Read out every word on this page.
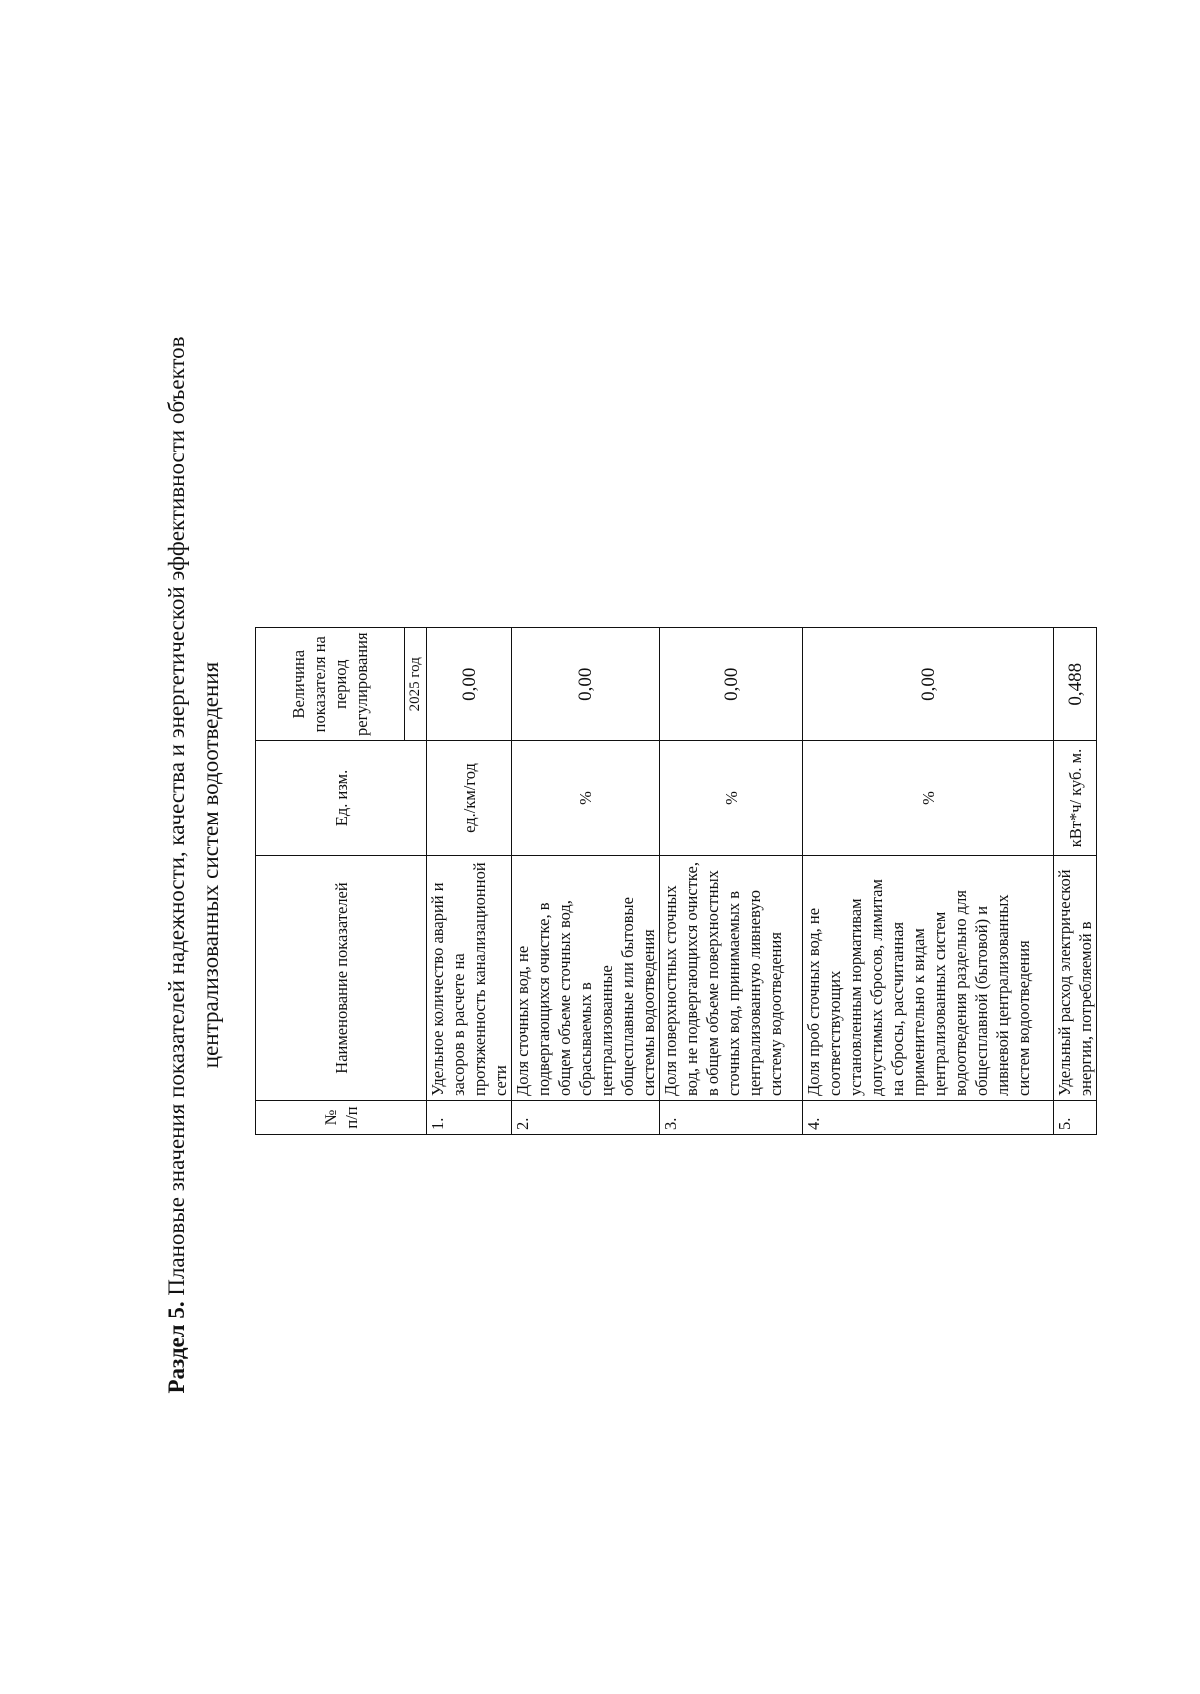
Раздел 5. Плановые значения показателей надежности, качества и энергетической эффективности объектов централизованных систем водоотведения
№ п/п	Наименование показателей	Ед. изм.	Величина показателя на период регулирования
			2025 год
1.	Удельное количество аварий и засоров в расчете на протяженность канализационной сети	ед./км/год	0,00
2.	Доля сточных вод, не подвергающихся очистке, в общем объеме сточных вод, сбрасываемых в централизованные общесплавные или бытовые системы водоотведения	%	0,00
3.	Доля поверхностных сточных вод, не подвергающихся очистке, в общем объеме поверхностных сточных вод, принимаемых в централизованную ливневую систему водоотведения	%	0,00
4.	Доля проб сточных вод, не соответствующих установленным нормативам допустимых сбросов, лимитам на сбросы, рассчитанная применительно к видам централизованных систем водоотведения раздельно для общесплавной (бытовой) и ливневой централизованных систем водоотведения	%	0,00
5.	Удельный расход электрической энергии, потребляемой в	кВт*ч/ куб. м.	0,488
